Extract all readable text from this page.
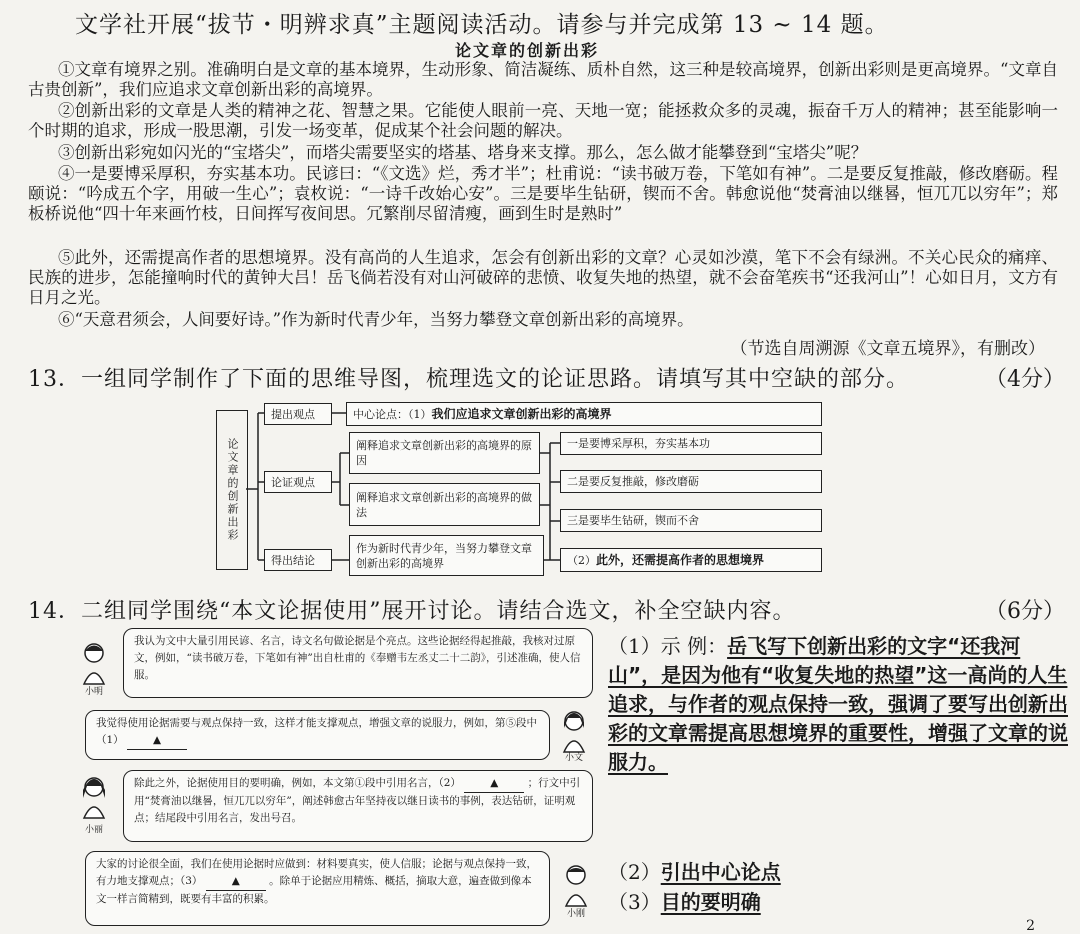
文学社开展“拔节・明辨求真”主题阅读活动。请参与并完成第 13 ~ 14 题。
论文章的创新出彩

①文章有境界之别。准确明白是文章的基本境界，生动形象、简洁凝练、质朴自然，这三种是较高境界，创新出彩则是更高境界。“文章自古贵创新”，我们应追求文章创新出彩的高境界。

②创新出彩的文章是人类的精神之花、智慧之果。它能使人眼前一亮、天地一宽；能拯救众多的灵魂，振奋千万人的精神；甚至能影响一个时期的追求，形成一股思潮，引发一场变革，促成某个社会问题的解决。

③创新出彩宛如闪光的“宝塔尖”，而塔尖需要坚实的塔基、塔身来支撑。那么，怎么做才能攀登到“宝塔尖”呢？

④一是要博采厚积，夯实基本功。民谚曰：“《文选》烂，秀才半”；杜甫说：“读书破万卷，下笔如有神”。二是要反复推敲，修改磨砺。程颐说：“吟成五个字，用破一生心”；袁枚说：“一诗千改始心安”。三是要毕生钻研，锲而不舍。韩愈说他“焚膏油以继晷，恒兀兀以穷年”；郑板桥说他“四十年来画竹枝，日间挥写夜间思。冗繁削尽留清瘦，画到生时是熟时”

⑤此外，还需提高作者的思想境界。没有高尚的人生追求，怎会有创新出彩的文章？心灵如沙漠，笔下不会有绿洲。不关心民众的痛痒、民族的进步，怎能撞响时代的黄钟大吕！岳飞倘若没有对山河破碎的悲愤、收复失地的热望，就不会奋笔疾书“还我河山”！心如日月，文方有日月之光。

⑥“天意君须会，人间要好诗。”作为新时代青少年，当努力攀登文章创新出彩的高境界。

（节选自周溯源《文章五境界》，有删改）
13．一组同学制作了下面的思维导图，梳理选文的论证思路。请填写其中空缺的部分。	（4分）
论文章的创新出彩
提出观点	中心论点：（1） 我们应追求文章创新出彩的高境界
论证观点
阐释追求文章创新出彩的高境界的原因
阐释追求文章创新出彩的高境界的做法
一是要博采厚积，夯实基本功
二是要反复推敲，修改磨砺
三是要毕生钻研，锲而不舍
得出结论
作为新时代青少年，当努力攀登文章创新出彩的高境界	（2） 此外，还需提高作者的思想境界
14．二组同学围绕“本文论据使用”展开讨论。请结合选文，补全空缺内容。	（6分）
小明
我认为文中大量引用民谚、名言，诗文名句做论据是个亮点。这些论据经得起推敲，我核对过原文，例如，“读书破万卷，下笔如有神”出自杜甫的《奉赠韦左丞丈二十二韵》，引述准确，使人信服。
我觉得使用论据需要与观点保持一致，这样才能支撑观点，增强文章的说服力，例如，第⑤段中（1）	▲
小文
小丽
除此之外，论据使用目的要明确，例如，本文第①段中引用名言，（2）	▲	；行文中引用“焚膏油以继晷，恒兀兀以穷年”，阐述韩愈古年坚持夜以继日读书的事例，表达钻研，证明观点；结尾段中引用名言，发出号召。
大家的讨论很全面，我们在使用论据时应做到：材料要真实，使人信服；论据与观点保持一致，有力地支撑观点；（3）	▲	。除单于论据应用精炼、概括，摘取大意，遍查做到像本文一样言简精到，既要有丰富的积累。
小刚
（1）示 例：岳飞写下创新出彩的文字“还我河山”，是因为他有“收复失地的热望”这一高尚的人生追求，与作者的观点保持一致，强调了要写出创新出彩的文章需提高思想境界的重要性，增强了文章的说服力。
（2）引出中心论点
（3）目的要明确
2
